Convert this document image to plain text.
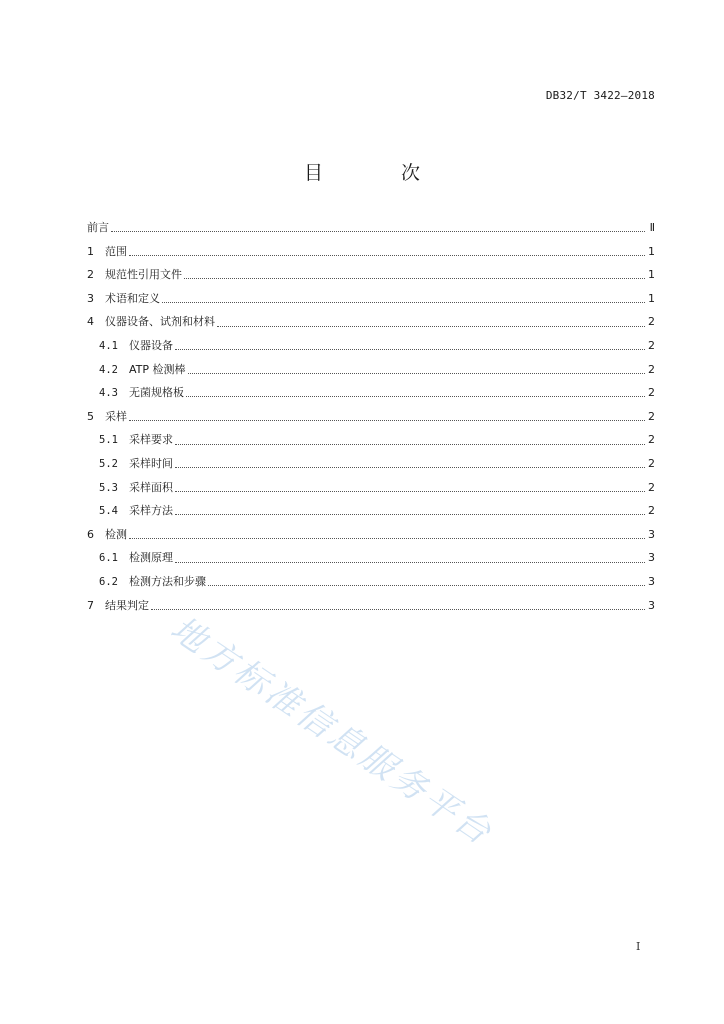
DB32/T 3422—2018
目 次
前言	Ⅱ
1	范围	1
2	规范性引用文件	1
3	术语和定义	1
4	仪器设备、试剂和材料	2
4.1	仪器设备	2
4.2	ATP 检测棒	2
4.3	无菌规格板	2
5	采样	2
5.1	采样要求	2
5.2	采样时间	2
5.3	采样面积	2
5.4	采样方法	2
6	检测	3
6.1	检测原理	3
6.2	检测方法和步骤	3
7	结果判定	3
地方标准信息服务平台
I
